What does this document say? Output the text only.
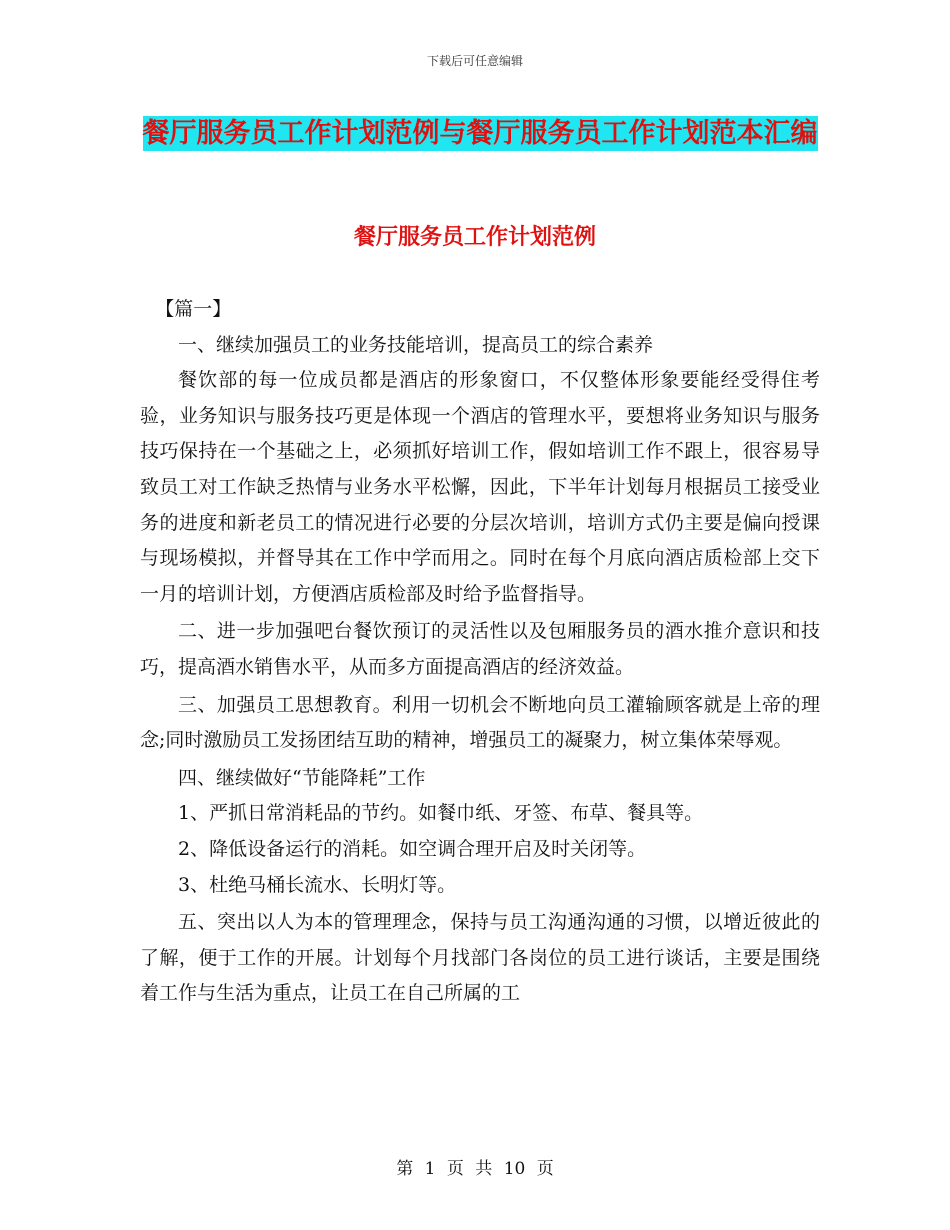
下载后可任意编辑
餐厅服务员工作计划范例与餐厅服务员工作计划范本汇编
餐厅服务员工作计划范例

【篇一】

一、继续加强员工的业务技能培训，提高员工的综合素养

餐饮部的每一位成员都是酒店的形象窗口，不仅整体形象要能经受得住考验，业务知识与服务技巧更是体现一个酒店的管理水平，要想将业务知识与服务技巧保持在一个基础之上，必须抓好培训工作，假如培训工作不跟上，很容易导致员工对工作缺乏热情与业务水平松懈，因此，下半年计划每月根据员工接受业务的进度和新老员工的情况进行必要的分层次培训，培训方式仍主要是偏向授课与现场模拟，并督导其在工作中学而用之。同时在每个月底向酒店质检部上交下一月的培训计划，方便酒店质检部及时给予监督指导。

二、进一步加强吧台餐饮预订的灵活性以及包厢服务员的酒水推介意识和技巧，提高酒水销售水平，从而多方面提高酒店的经济效益。

三、加强员工思想教育。利用一切机会不断地向员工灌输顾客就是上帝的理念;同时激励员工发扬团结互助的精神，增强员工的凝聚力，树立集体荣辱观。

四、继续做好“节能降耗”工作

1、严抓日常消耗品的节约。如餐巾纸、牙签、布草、餐具等。

2、降低设备运行的消耗。如空调合理开启及时关闭等。

3、杜绝马桶长流水、长明灯等。

五、突出以人为本的管理理念，保持与员工沟通沟通的习惯，以增近彼此的了解，便于工作的开展。计划每个月找部门各岗位的员工进行谈话，主要是围绕着工作与生活为重点，让员工在自己所属的工

第 1 页 共 10 页
